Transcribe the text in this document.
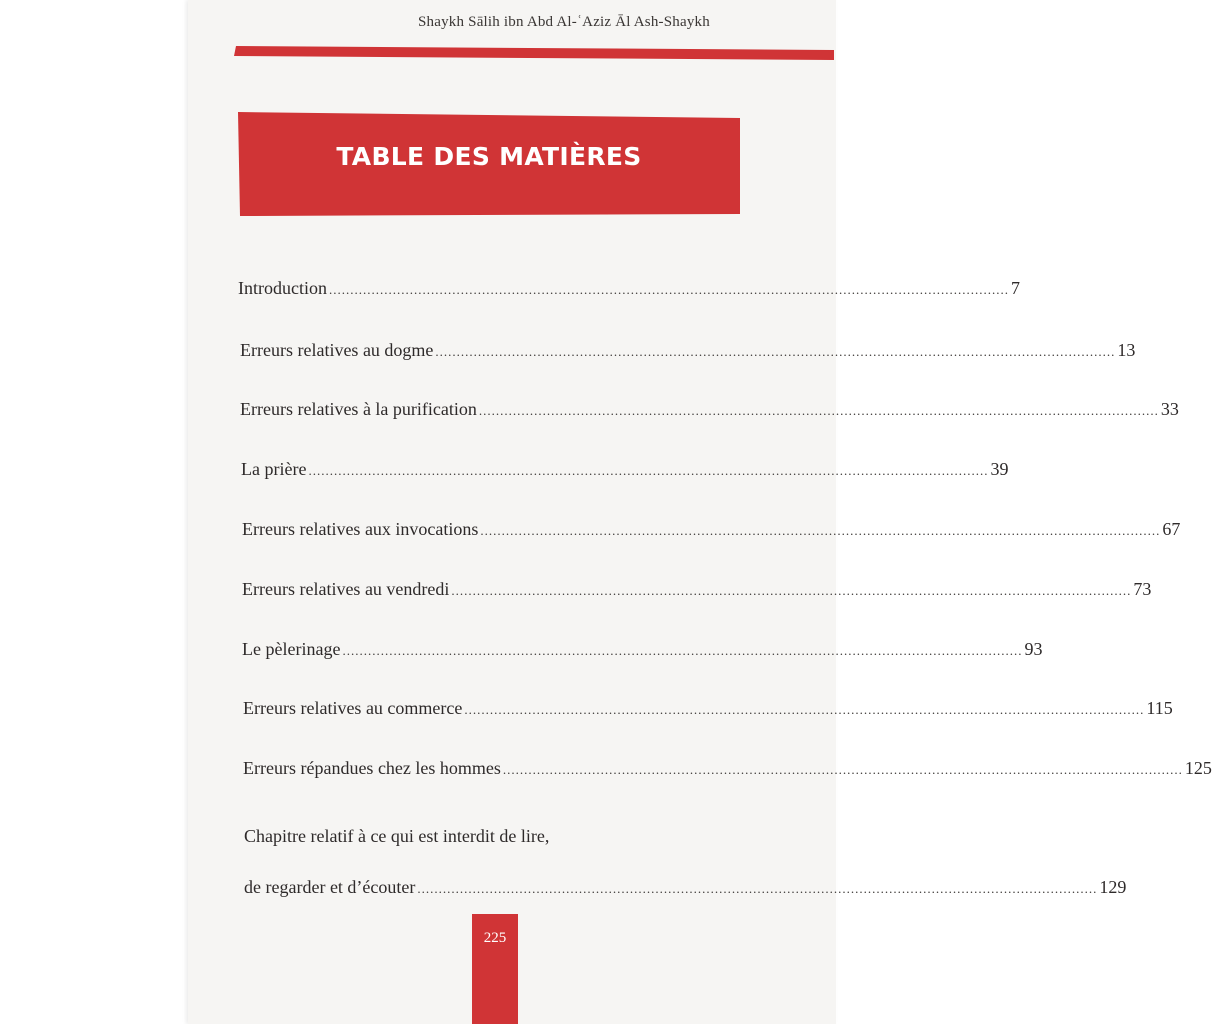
Shaykh Sālih ibn Abd Al-ʿAziz Āl Ash-Shaykh
TABLE DES MATIÈRES
Introduction ................................................................................................................................................................ 7
Erreurs relatives au dogme ................................................................................................................................................................ 13
Erreurs relatives à la purification ................................................................................................................................................................ 33
La prière ................................................................................................................................................................ 39
Erreurs relatives aux invocations ................................................................................................................................................................ 67
Erreurs relatives au vendredi ................................................................................................................................................................ 73
Le pèlerinage ................................................................................................................................................................ 93
Erreurs relatives au commerce ................................................................................................................................................................ 115
Erreurs répandues chez les hommes ................................................................................................................................................................ 125
Chapitre relatif à ce qui est interdit de lire,
de regarder et d’écouter ................................................................................................................................................................ 129
225
